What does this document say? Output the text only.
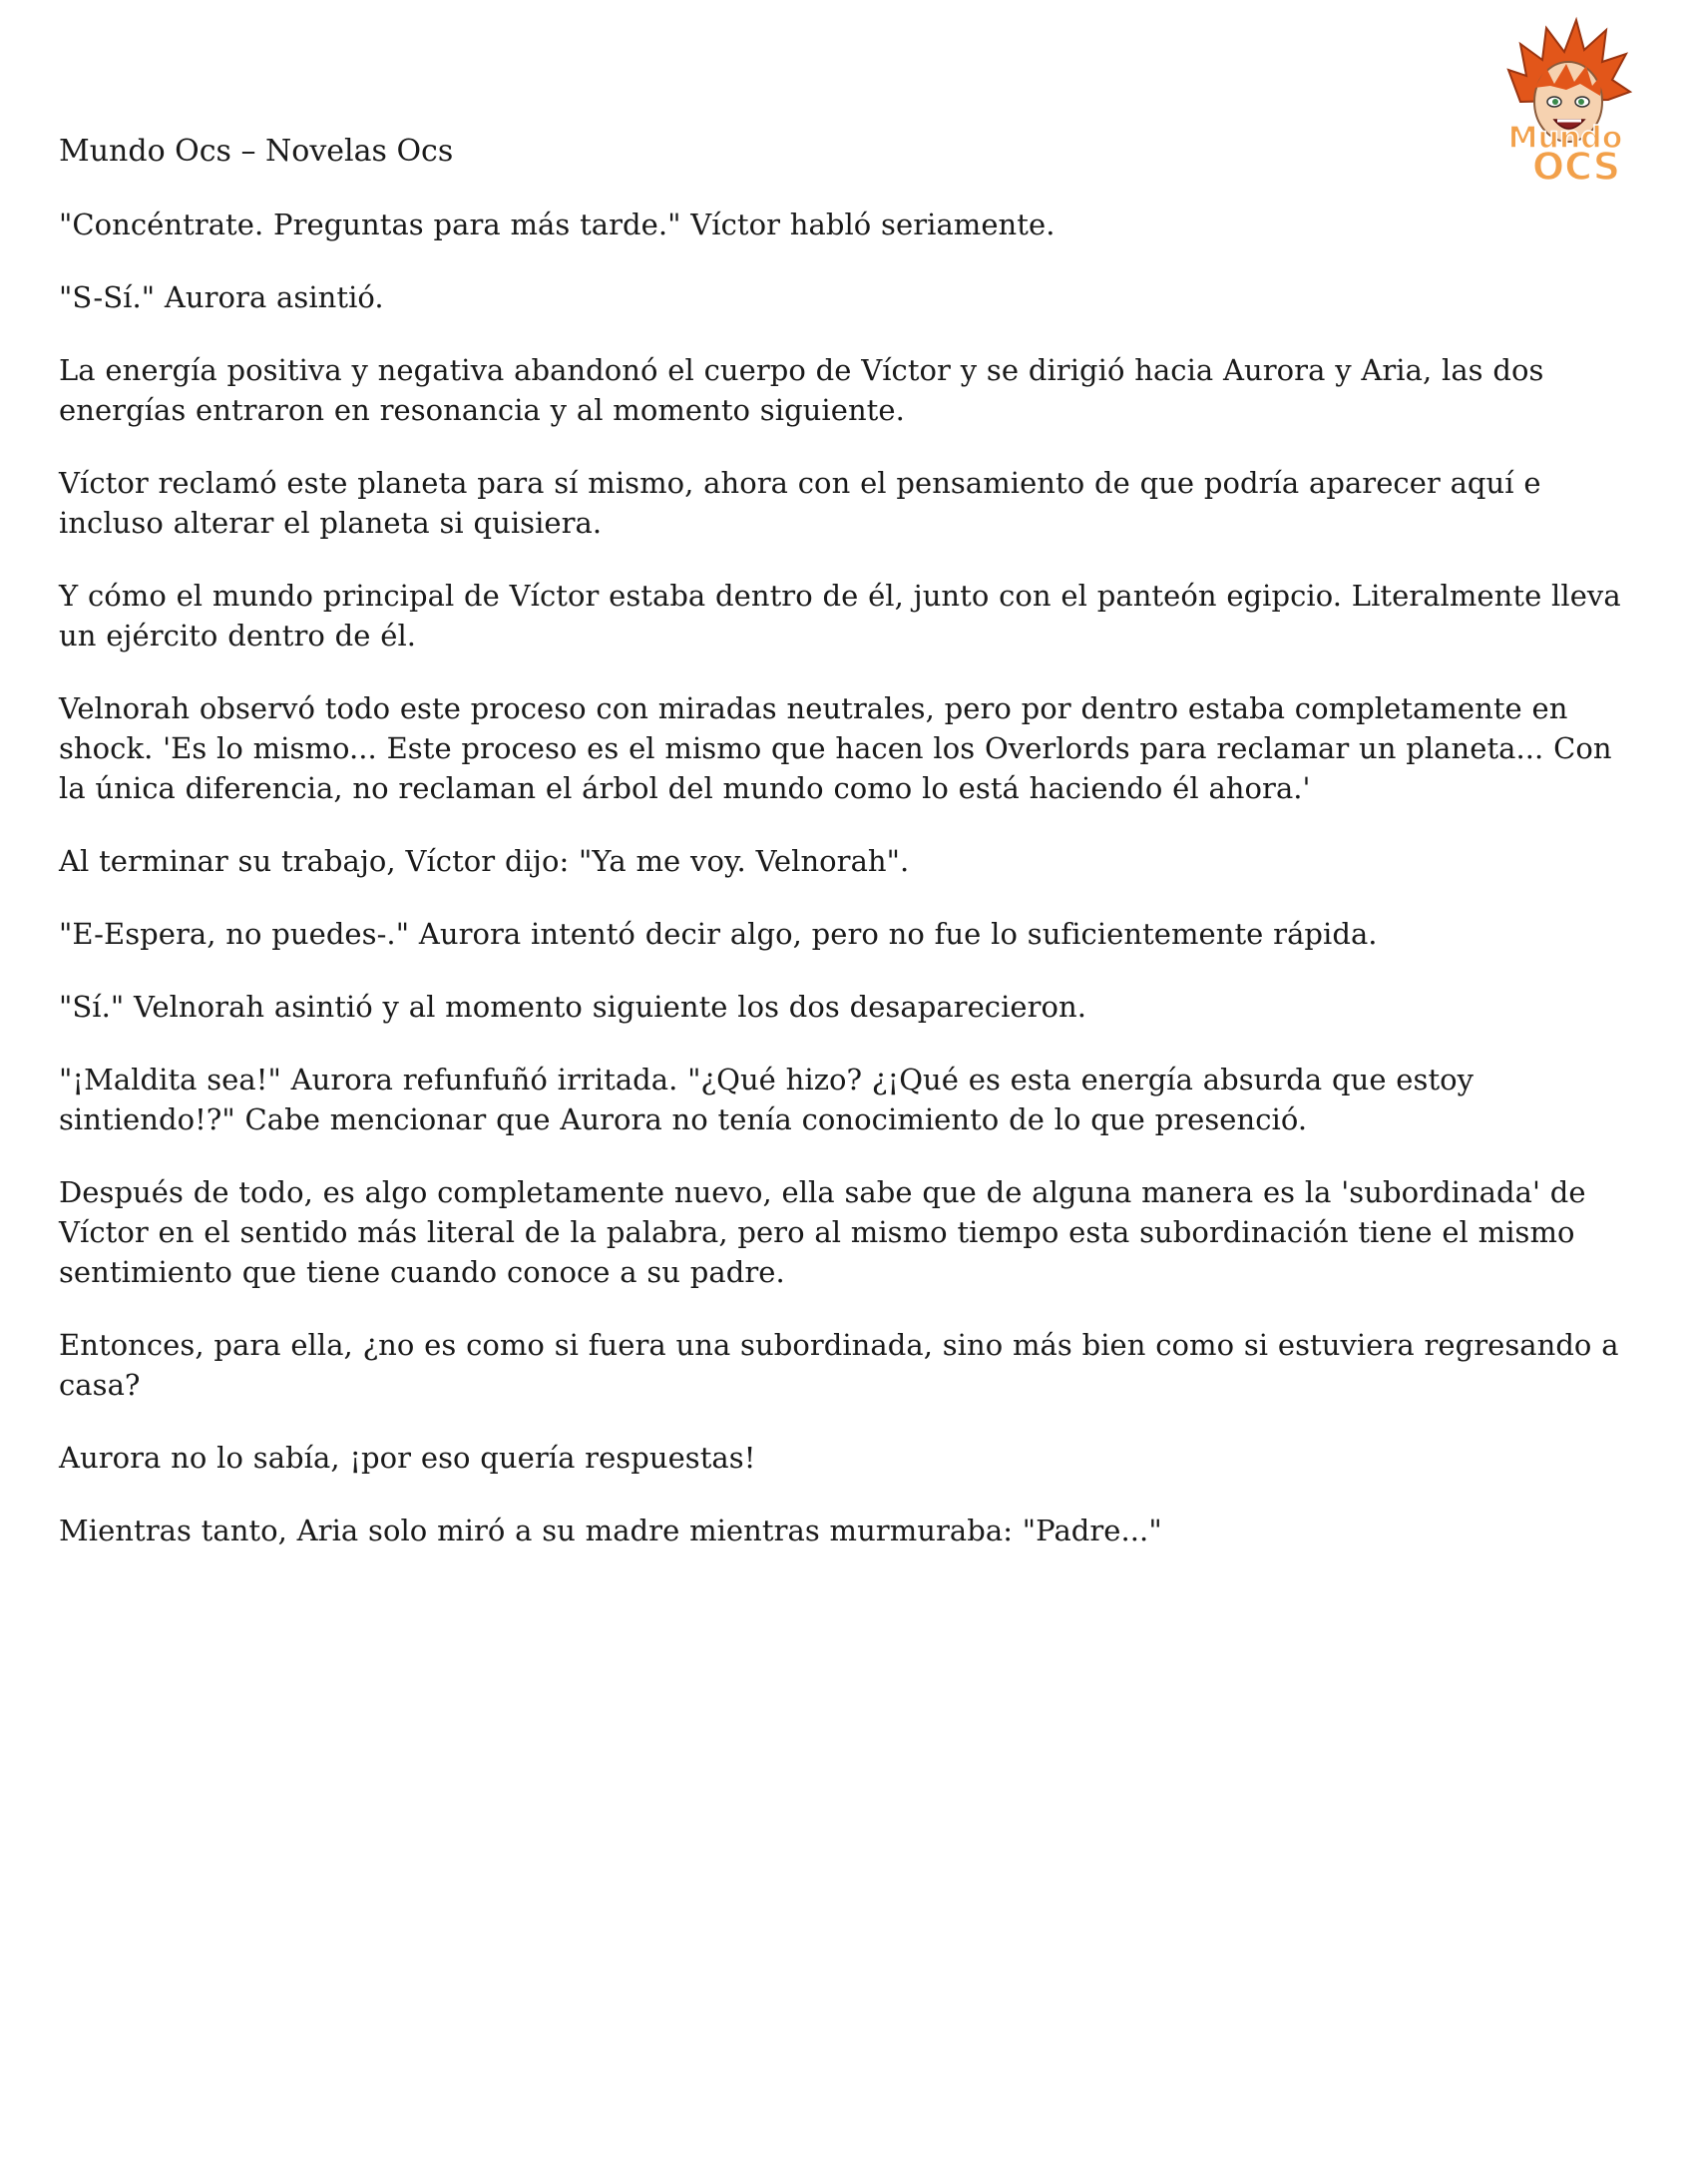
Mundo
OCS
Mundo Ocs – Novelas Ocs

"Concéntrate. Preguntas para más tarde." Víctor habló seriamente.

"S-Sí." Aurora asintió.

La energía positiva y negativa abandonó el cuerpo de Víctor y se dirigió hacia Aurora y Aria, las dos energías entraron en resonancia y al momento siguiente.

Víctor reclamó este planeta para sí mismo, ahora con el pensamiento de que podría aparecer aquí e incluso alterar el planeta si quisiera.

Y cómo el mundo principal de Víctor estaba dentro de él, junto con el panteón egipcio. Literalmente lleva un ejército dentro de él.

Velnorah observó todo este proceso con miradas neutrales, pero por dentro estaba completamente en shock. 'Es lo mismo... Este proceso es el mismo que hacen los Overlords para reclamar un planeta... Con la única diferencia, no reclaman el árbol del mundo como lo está haciendo él ahora.'

Al terminar su trabajo, Víctor dijo: "Ya me voy. Velnorah".

"E-Espera, no puedes-." Aurora intentó decir algo, pero no fue lo suficientemente rápida.

"Sí." Velnorah asintió y al momento siguiente los dos desaparecieron.

"¡Maldita sea!" Aurora refunfuñó irritada. "¿Qué hizo? ¿¡Qué es esta energía absurda que estoy sintiendo!?" Cabe mencionar que Aurora no tenía conocimiento de lo que presenció.

Después de todo, es algo completamente nuevo, ella sabe que de alguna manera es la 'subordinada' de Víctor en el sentido más literal de la palabra, pero al mismo tiempo esta subordinación tiene el mismo sentimiento que tiene cuando conoce a su padre.

Entonces, para ella, ¿no es como si fuera una subordinada, sino más bien como si estuviera regresando a casa?

Aurora no lo sabía, ¡por eso quería respuestas!

Mientras tanto, Aria solo miró a su madre mientras murmuraba: "Padre..."
